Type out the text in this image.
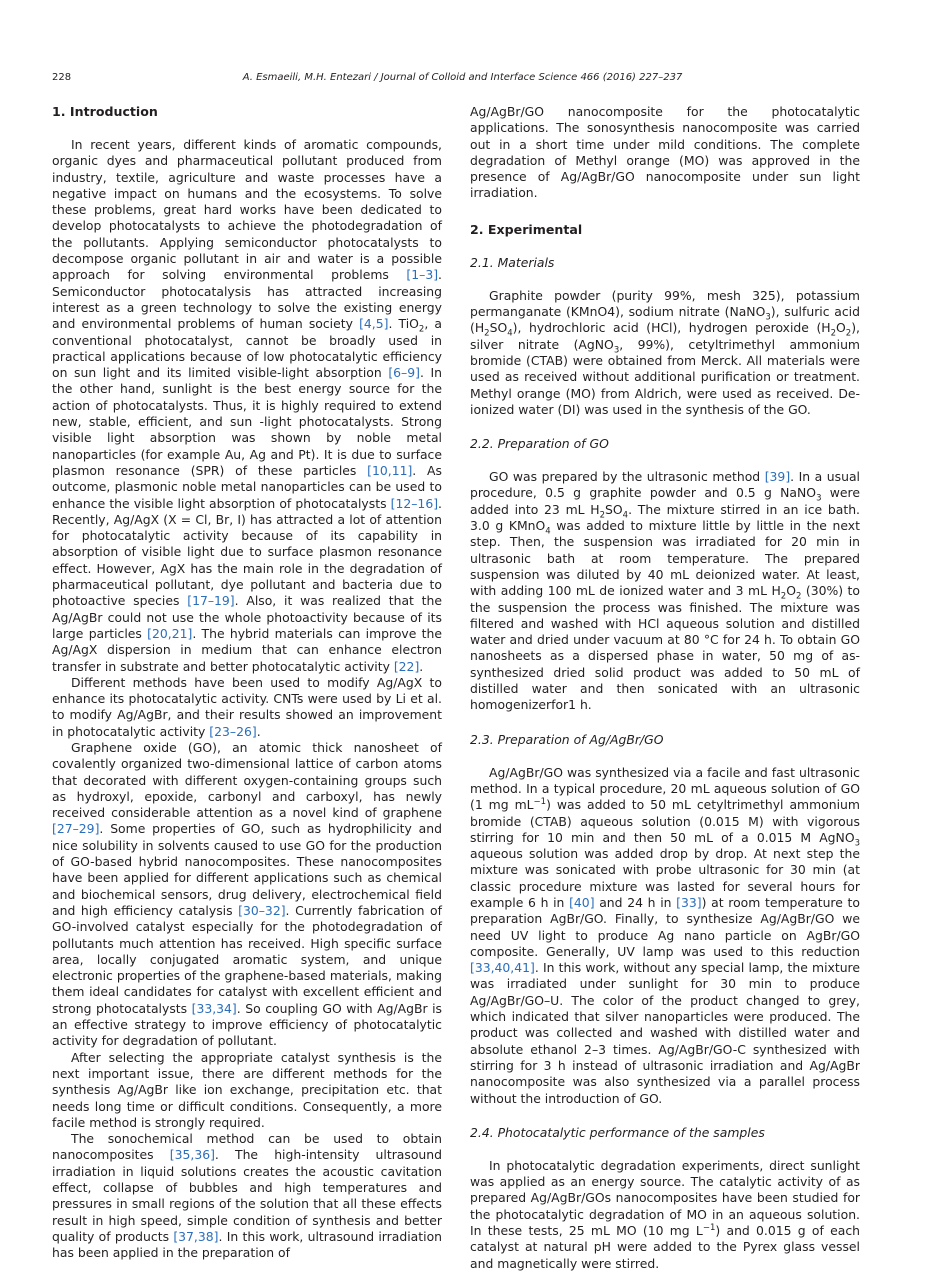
228	A. Esmaeili, M.H. Entezari / Journal of Colloid and Interface Science 466 (2016) 227–237
1. Introduction

In recent years, different kinds of aromatic compounds, organic dyes and pharmaceutical pollutant produced from industry, textile, agriculture and waste processes have a negative impact on humans and the ecosystems. To solve these problems, great hard works have been dedicated to develop photocatalysts to achieve the photodegradation of the pollutants. Applying semiconductor photocatalysts to decompose organic pollutant in air and water is a possible approach for solving environmental problems [1–3]. Semiconductor photocatalysis has attracted increasing interest as a green technology to solve the existing energy and environmental problems of human society [4,5]. TiO$_2$, a conventional photocatalyst, cannot be broadly used in practical applications because of low photocatalytic efficiency on sun light and its limited visible-light absorption [6–9]. In the other hand, sunlight is the best energy source for the action of photocatalysts. Thus, it is highly required to extend new, stable, efficient, and sun -light photocatalysts. Strong visible light absorption was shown by noble metal nanoparticles (for example Au, Ag and Pt). It is due to surface plasmon resonance (SPR) of these particles [10,11]. As outcome, plasmonic noble metal nanoparticles can be used to enhance the visible light absorption of photocatalysts [12–16]. Recently, Ag/AgX (X = Cl, Br, I) has attracted a lot of attention for photocatalytic activity because of its capability in absorption of visible light due to surface plasmon resonance effect. However, AgX has the main role in the degradation of pharmaceutical pollutant, dye pollutant and bacteria due to photoactive species [17–19]. Also, it was realized that the Ag/AgBr could not use the whole photoactivity because of its large particles [20,21]. The hybrid materials can improve the Ag/AgX dispersion in medium that can enhance electron transfer in substrate and better photocatalytic activity [22].

Different methods have been used to modify Ag/AgX to enhance its photocatalytic activity. CNTs were used by Li et al. to modify Ag/AgBr, and their results showed an improvement in photocatalytic activity [23–26].

Graphene oxide (GO), an atomic thick nanosheet of covalently organized two-dimensional lattice of carbon atoms that decorated with different oxygen-containing groups such as hydroxyl, epoxide, carbonyl and carboxyl, has newly received considerable attention as a novel kind of graphene [27–29]. Some properties of GO, such as hydrophilicity and nice solubility in solvents caused to use GO for the production of GO-based hybrid nanocomposites. These nanocomposites have been applied for different applications such as chemical and biochemical sensors, drug delivery, electrochemical field and high efficiency catalysis [30–32]. Currently fabrication of GO-involved catalyst especially for the photodegradation of pollutants much attention has received. High specific surface area, locally conjugated aromatic system, and unique electronic properties of the graphene-based materials, making them ideal candidates for catalyst with excellent efficient and strong photocatalysts [33,34]. So coupling GO with Ag/AgBr is an effective strategy to improve efficiency of photocatalytic activity for degradation of pollutant.

After selecting the appropriate catalyst synthesis is the next important issue, there are different methods for the synthesis Ag/AgBr like ion exchange, precipitation etc. that needs long time or difficult conditions. Consequently, a more facile method is strongly required.

The sonochemical method can be used to obtain nanocomposites [35,36]. The high-intensity ultrasound irradiation in liquid solutions creates the acoustic cavitation effect, collapse of bubbles and high temperatures and pressures in small regions of the solution that all these effects result in high speed, simple condition of synthesis and better quality of products [37,38]. In this work, ultrasound irradiation has been applied in the preparation of

Ag/AgBr/GO nanocomposite for the photocatalytic applications. The sonosynthesis nanocomposite was carried out in a short time under mild conditions. The complete degradation of Methyl orange (MO) was approved in the presence of Ag/AgBr/GO nanocomposite under sun light irradiation.

2. Experimental
2.1. Materials

Graphite powder (purity 99%, mesh 325), potassium permanganate (KMnO4), sodium nitrate (NaNO$_3$), sulfuric acid $(H_2SO_4)$, hydrochloric acid (HCl), hydrogen peroxide $(H_2O_2)$, silver nitrate (AgNO$_3$, 99%), cetyltrimethyl ammonium bromide (CTAB) were obtained from Merck. All materials were used as received without additional purification or treatment. Methyl orange (MO) from Aldrich, were used as received. De-ionized water (DI) was used in the synthesis of the GO.

2.2. Preparation of GO

GO was prepared by the ultrasonic method [39]. In a usual procedure, 0.5 g graphite powder and 0.5 g NaNO$_3$ were added into 23 mL $H_2SO_4$. The mixture stirred in an ice bath. 3.0 g KMnO$_4$ was added to mixture little by little in the next step. Then, the suspension was irradiated for 20 min in ultrasonic bath at room temperature. The prepared suspension was diluted by 40 mL deionized water. At least, with adding 100 mL de ionized water and 3 mL $H_2O_2$ (30%) to the suspension the process was finished. The mixture was filtered and washed with HCl aqueous solution and distilled water and dried under vacuum at 80 °C for 24 h. To obtain GO nanosheets as a dispersed phase in water, 50 mg of as-synthesized dried solid product was added to 50 mL of distilled water and then sonicated with an ultrasonic homogenizerfor1 h.

2.3. Preparation of Ag/AgBr/GO

Ag/AgBr/GO was synthesized via a facile and fast ultrasonic method. In a typical procedure, 20 mL aqueous solution of GO (1 mg $mL^{-1}$) was added to 50 mL cetyltrimethyl ammonium bromide (CTAB) aqueous solution (0.015 M) with vigorous stirring for 10 min and then 50 mL of a 0.015 M AgNO$_3$ aqueous solution was added drop by drop. At next step the mixture was sonicated with probe ultrasonic for 30 min (at classic procedure mixture was lasted for several hours for example 6 h in [40] and 24 h in [33]) at room temperature to preparation AgBr/GO. Finally, to synthesize Ag/AgBr/GO we need UV light to produce Ag nano particle on AgBr/GO composite. Generally, UV lamp was used to this reduction [33,40,41]. In this work, without any special lamp, the mixture was irradiated under sunlight for 30 min to produce Ag/AgBr/GO–U. The color of the product changed to grey, which indicated that silver nanoparticles were produced. The product was collected and washed with distilled water and absolute ethanol 2–3 times. Ag/AgBr/GO-C synthesized with stirring for 3 h instead of ultrasonic irradiation and Ag/AgBr nanocomposite was also synthesized via a parallel process without the introduction of GO.

2.4. Photocatalytic performance of the samples

In photocatalytic degradation experiments, direct sunlight was applied as an energy source. The catalytic activity of as prepared Ag/AgBr/GOs nanocomposites have been studied for the photocatalytic degradation of MO in an aqueous solution. In these tests, 25 mL MO (10 mg $L^{-1}$) and 0.015 g of each catalyst at natural pH were added to the Pyrex glass vessel and magnetically were stirred.
